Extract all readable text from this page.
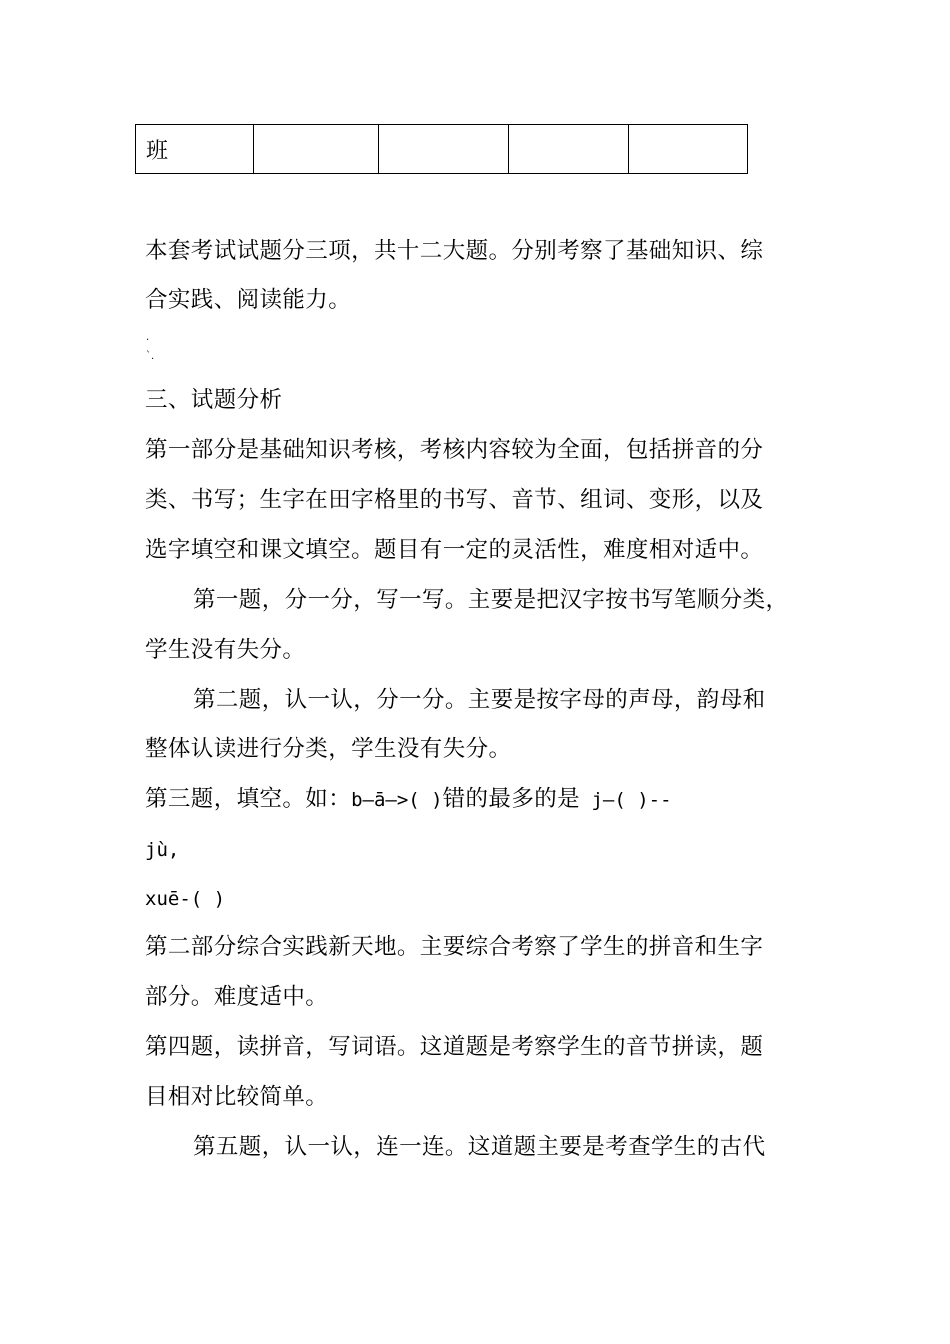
班				
本套考试试题分三项，共十二大题。分别考察了基础知识、综
合实践、阅读能力。
.
`.
三、试题分析
第一部分是基础知识考核，考核内容较为全面，包括拼音的分
类、书写；生字在田字格里的书写、音节、组词、变形，以及
选字填空和课文填空。题目有一定的灵活性，难度相对适中。
第一题，分一分，写一写。主要是把汉字按书写笔顺分类，
学生没有失分。
第二题，认一认，分一分。主要是按字母的声母，韵母和
整体认读进行分类，学生没有失分。
第三题，填空。如：b—ā—>( )错的最多的是 j—( )--
jù,
xuē-( )
第二部分综合实践新天地。主要综合考察了学生的拼音和生字
部分。难度适中。
第四题，读拼音，写词语。这道题是考察学生的音节拼读，题
目相对比较简单。
第五题，认一认，连一连。这道题主要是考查学生的古代
